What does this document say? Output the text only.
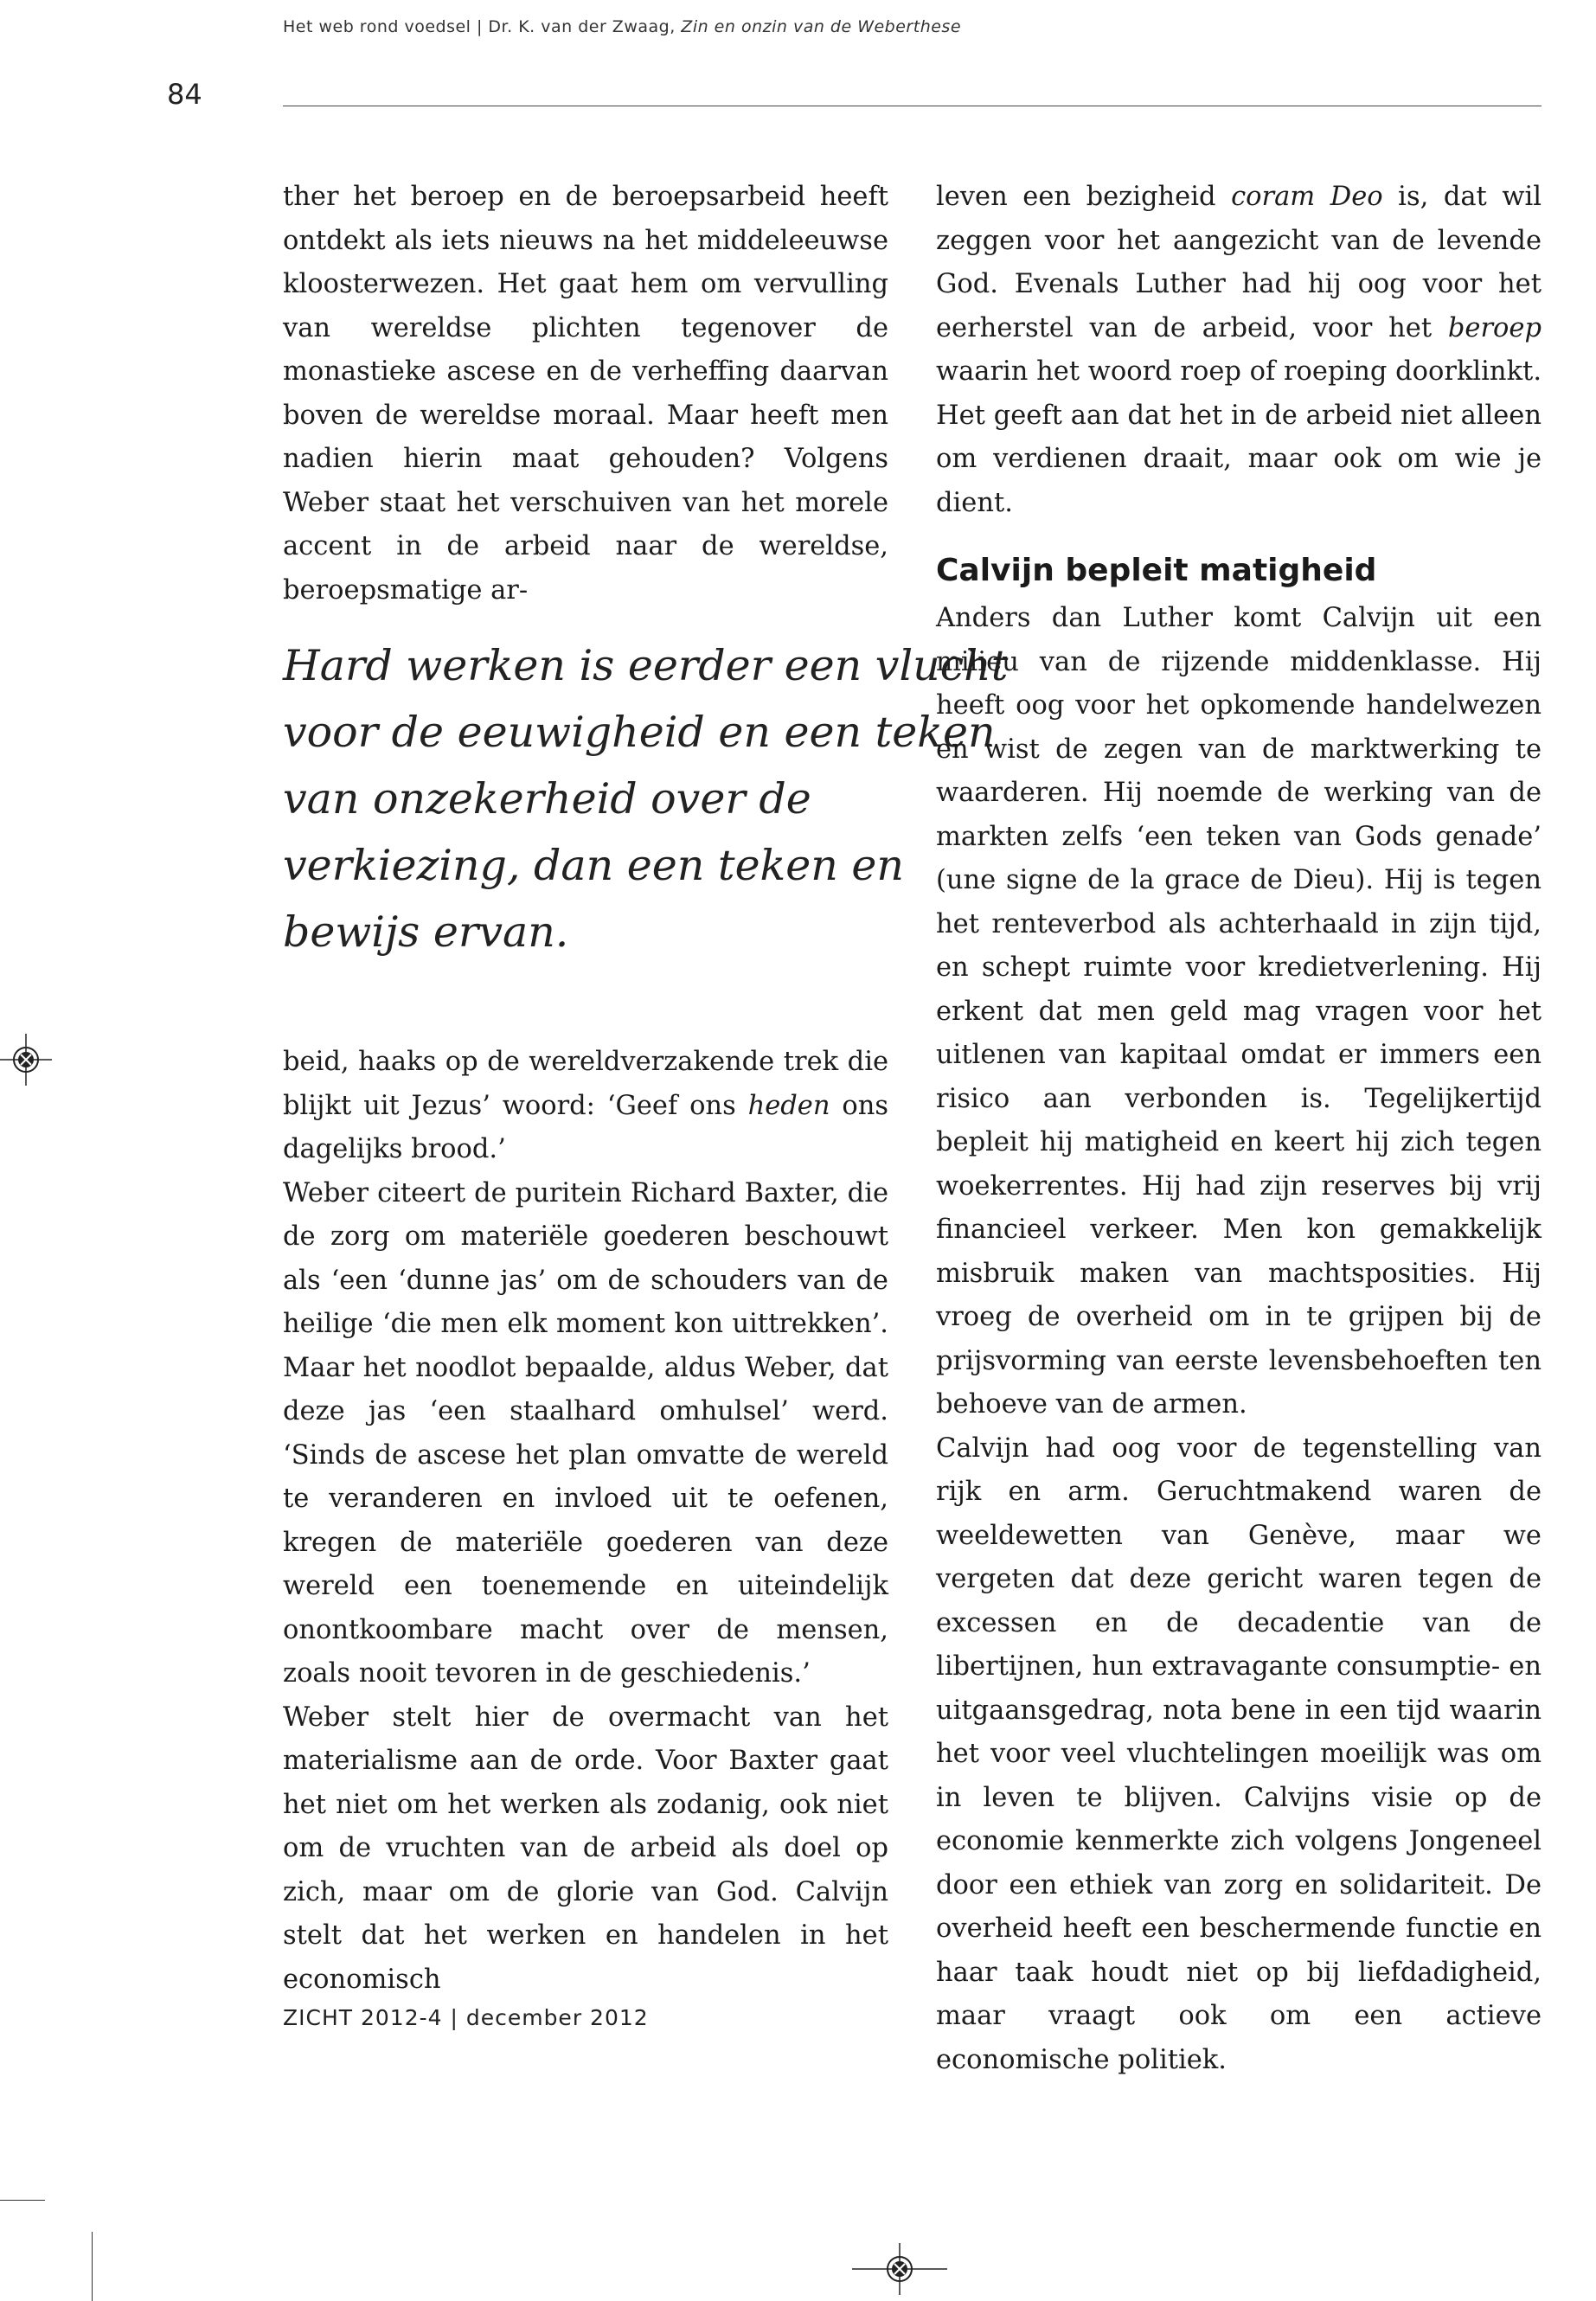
Het web rond voedsel | Dr. K. van der Zwaag, Zin en onzin van de Weberthese
84

ther het beroep en de beroepsarbeid heeft ontdekt als iets nieuws na het middeleeuwse kloosterwezen. Het gaat hem om vervulling van wereldse plichten tegenover de monastieke ascese en de verheffing daarvan boven de wereldse moraal. Maar heeft men nadien hierin maat gehouden? Volgens Weber staat het verschuiven van het morele accent in de arbeid naar de wereldse, beroepsmatige ar-

Hard werken is eerder een vlucht
voor de eeuwigheid en een teken
van onzekerheid over de
verkiezing, dan een teken en
bewijs ervan.

beid, haaks op de wereldverzakende trek die blijkt uit Jezus’ woord: ‘Geef ons heden ons dagelijks brood.’

Weber citeert de puritein Richard Baxter, die de zorg om materiële goederen beschouwt als ‘een ‘dunne jas’ om de schouders van de heilige ‘die men elk moment kon uittrekken’. Maar het noodlot bepaalde, aldus Weber, dat deze jas ‘een staalhard omhulsel’ werd. ‘Sinds de ascese het plan omvatte de wereld te veranderen en invloed uit te oefenen, kregen de materiële goederen van deze wereld een toenemende en uiteindelijk onontkoombare macht over de mensen, zoals nooit tevoren in de geschiedenis.’

Weber stelt hier de overmacht van het materialisme aan de orde. Voor Baxter gaat het niet om het werken als zodanig, ook niet om de vruchten van de arbeid als doel op zich, maar om de glorie van God. Calvijn stelt dat het werken en handelen in het economisch

leven een bezigheid coram Deo is, dat wil zeggen voor het aangezicht van de levende God. Evenals Luther had hij oog voor het eerherstel van de arbeid, voor het beroep waarin het woord roep of roeping doorklinkt. Het geeft aan dat het in de arbeid niet alleen om verdienen draait, maar ook om wie je dient.

Calvijn bepleit matigheid

Anders dan Luther komt Calvijn uit een milieu van de rijzende middenklasse. Hij heeft oog voor het opkomende handelwezen en wist de zegen van de marktwerking te waarderen. Hij noemde de werking van de markten zelfs ‘een teken van Gods genade’ (une signe de la grace de Dieu). Hij is tegen het renteverbod als achterhaald in zijn tijd, en schept ruimte voor kredietverlening. Hij erkent dat men geld mag vragen voor het uitlenen van kapitaal omdat er immers een risico aan verbonden is. Tegelijkertijd bepleit hij matigheid en keert hij zich tegen woekerrentes. Hij had zijn reserves bij vrij financieel verkeer. Men kon gemakkelijk misbruik maken van machtsposities. Hij vroeg de overheid om in te grijpen bij de prijsvorming van eerste levensbehoeften ten behoeve van de armen.

Calvijn had oog voor de tegenstelling van rijk en arm. Geruchtmakend waren de weeldewetten van Genève, maar we vergeten dat deze gericht waren tegen de excessen en de decadentie van de libertijnen, hun extravagante consumptie- en uitgaansgedrag, nota bene in een tijd waarin het voor veel vluchtelingen moeilijk was om in leven te blijven. Calvijns visie op de economie kenmerkte zich volgens Jongeneel door een ethiek van zorg en solidariteit. De overheid heeft een beschermende functie en haar taak houdt niet op bij liefdadigheid, maar vraagt ook om een actieve economische politiek.

ZICHT 2012-4 | december 2012
